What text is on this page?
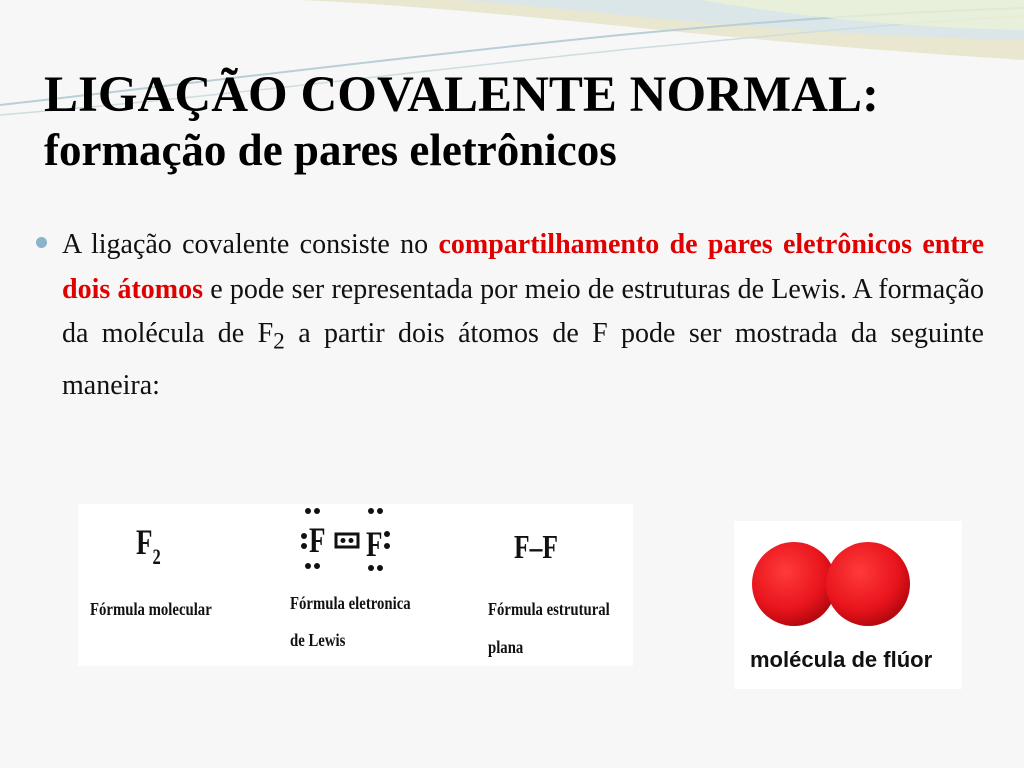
LIGAÇÃO COVALENTE NORMAL:
formação de pares eletrônicos

A ligação covalente consiste no compartilhamento de pares eletrônicos entre dois átomos e pode ser representada por meio de estruturas de Lewis. A formação da molécula de $F_2$ a partir dois átomos de F pode ser mostrada da seguinte maneira:

$F_2$
Fórmula molecular
F F
Fórmula eletronica
de Lewis
F–F
Fórmula estrutural
plana	molécula de flúor
